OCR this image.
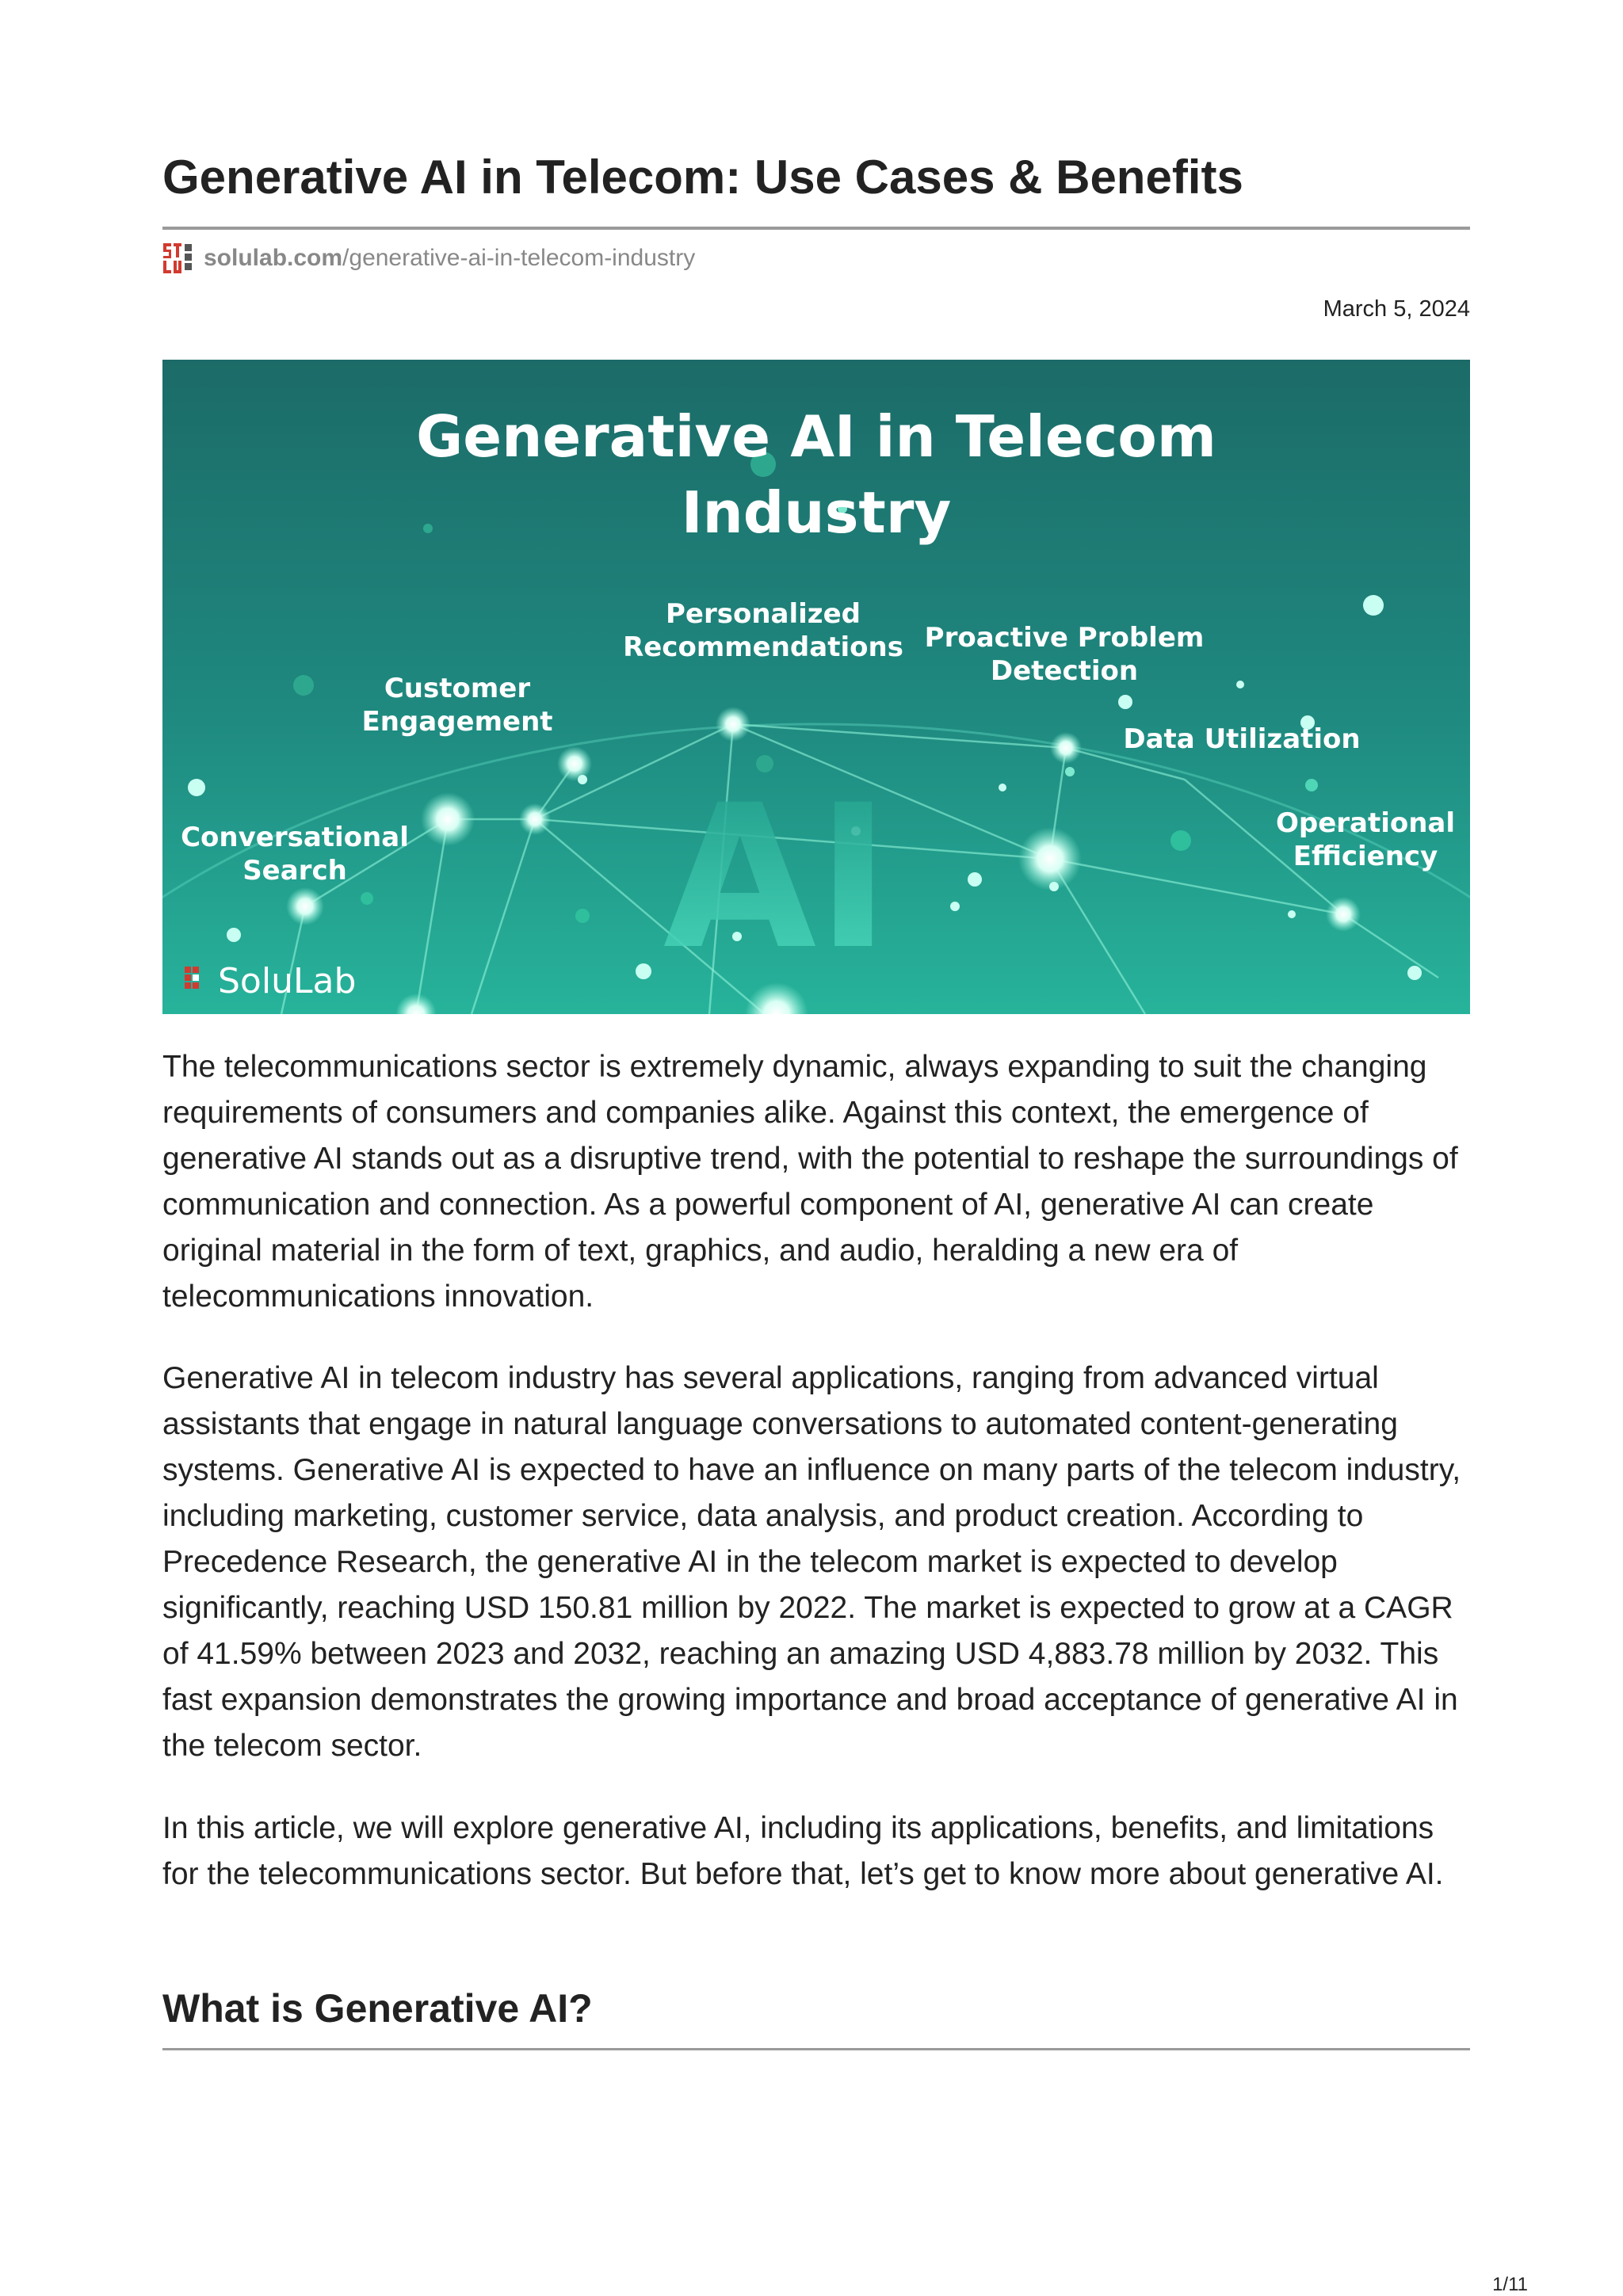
Generative AI in Telecom: Use Cases & Benefits
solulab.com/generative-ai-in-telecom-industry
March 5, 2024
AI
Generative AI in Telecom
Industry
Personalized
Recommendations Proactive Problem
Detection
Customer
Engagement
Data Utilization
Operational
Efficiency
Conversational
Search
SoluLab

The telecommunications sector is extremely dynamic, always expanding to suit the changing requirements of consumers and companies alike. Against this context, the emergence of generative AI stands out as a disruptive trend, with the potential to reshape the surroundings of communication and connection. As a powerful component of AI, generative AI can create original material in the form of text, graphics, and audio, heralding a new era of telecommunications innovation.

Generative AI in telecom industry has several applications, ranging from advanced virtual assistants that engage in natural language conversations to automated content-generating systems. Generative AI is expected to have an influence on many parts of the telecom industry, including marketing, customer service, data analysis, and product creation. According to Precedence Research, the generative AI in the telecom market is expected to develop significantly, reaching USD 150.81 million by 2022. The market is expected to grow at a CAGR of 41.59% between 2023 and 2032, reaching an amazing USD 4,883.78 million by 2032. This fast expansion demonstrates the growing importance and broad acceptance of generative AI in the telecom sector.

In this article, we will explore generative AI, including its applications, benefits, and limitations for the telecommunications sector. But before that, let’s get to know more about generative AI.

What is Generative AI?
1/11
